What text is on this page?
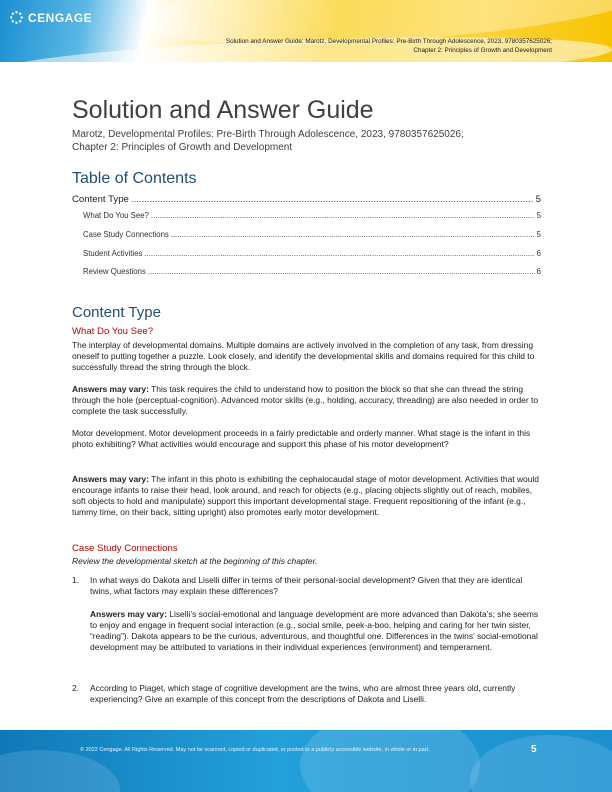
CENGAGE
Solution and Answer Guide: Marotz, Developmental Profiles: Pre-Birth Through Adolescence, 2023, 9780357625026;
Chapter 2: Principles of Growth and Development
Solution and Answer Guide
Marotz, Developmental Profiles: Pre-Birth Through Adolescence, 2023, 9780357625026;
Chapter 2: Principles of Growth and Development
Table of Contents
Content Type .....	5
What Do You See? .....	5
Case Study Connections .....	5
Student Activities .....	6
Review Questions .....	6
Content Type
What Do You See?

The interplay of developmental domains. Multiple domains are actively involved in the completion of any task, from dressing oneself to putting together a puzzle. Look closely, and identify the developmental skills and domains required for this child to successfully thread the string through the block.

Answers may vary: This task requires the child to understand how to position the block so that she can thread the string through the hole (perceptual-cognition). Advanced motor skills (e.g., holding, accuracy, threading) are also needed in order to complete the task successfully.

Motor development. Motor development proceeds in a fairly predictable and orderly manner. What stage is the infant in this photo exhibiting? What activities would encourage and support this phase of his motor development?

Answers may vary: The infant in this photo is exhibiting the cephalocaudal stage of motor development. Activities that would encourage infants to raise their head, look around, and reach for objects (e.g., placing objects slightly out of reach, mobiles, soft objects to hold and manipulate) support this important developmental stage. Frequent repositioning of the infant (e.g., tummy time, on their back, sitting upright) also promotes early motor development.

Case Study Connections
Review the developmental sketch at the beginning of this chapter.
1. In what ways do Dakota and Liselli differ in terms of their personal-social development? Given that they are identical twins, what factors may explain these differences?

Answers may vary: Liselli’s social-emotional and language development are more advanced than Dakota’s; she seems to enjoy and engage in frequent social interaction (e.g., social smile, peek-a-boo, helping and caring for her twin sister, “reading”). Dakota appears to be the curious, adventurous, and thoughtful one. Differences in the twins’ social-emotional development may be attributed to variations in their individual experiences (environment) and temperament.

2. According to Piaget, which stage of cognitive development are the twins, who are almost three years old, currently experiencing? Give an example of this concept from the descriptions of Dakota and Liselli.
© 2022 Cengage. All Rights Reserved. May not be scanned, copied or duplicated, or posted to a publicly accessible website, in whole or in part.	5
